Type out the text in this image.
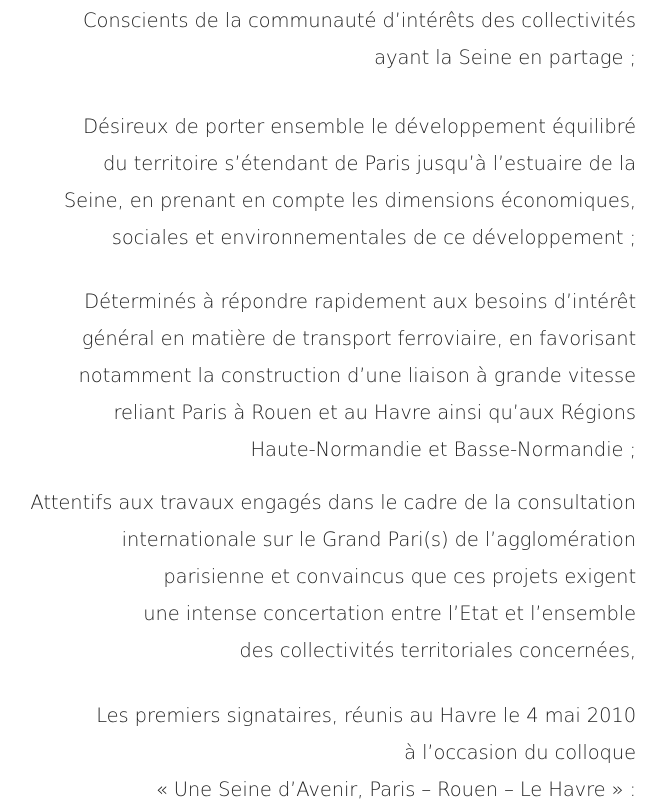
Conscients de la communauté d’intérêts des collectivités
ayant la Seine en partage ;
Désireux de porter ensemble le développement équilibré
du territoire s’étendant de Paris jusqu’à l’estuaire de la
Seine, en prenant en compte les dimensions économiques,
sociales et environnementales de ce développement ;
Déterminés à répondre rapidement aux besoins d’intérêt
général en matière de transport ferroviaire, en favorisant
notamment la construction d’une liaison à grande vitesse
reliant Paris à Rouen et au Havre ainsi qu’aux Régions
Haute-Normandie et Basse-Normandie ;
Attentifs aux travaux engagés dans le cadre de la consultation
internationale sur le Grand Pari(s) de l’agglomération
parisienne et convaincus que ces projets exigent
une intense concertation entre l’Etat et l’ensemble
des collectivités territoriales concernées,
Les premiers signataires, réunis au Havre le 4 mai 2010
à l’occasion du colloque
« Une Seine d’Avenir, Paris – Rouen – Le Havre » :
